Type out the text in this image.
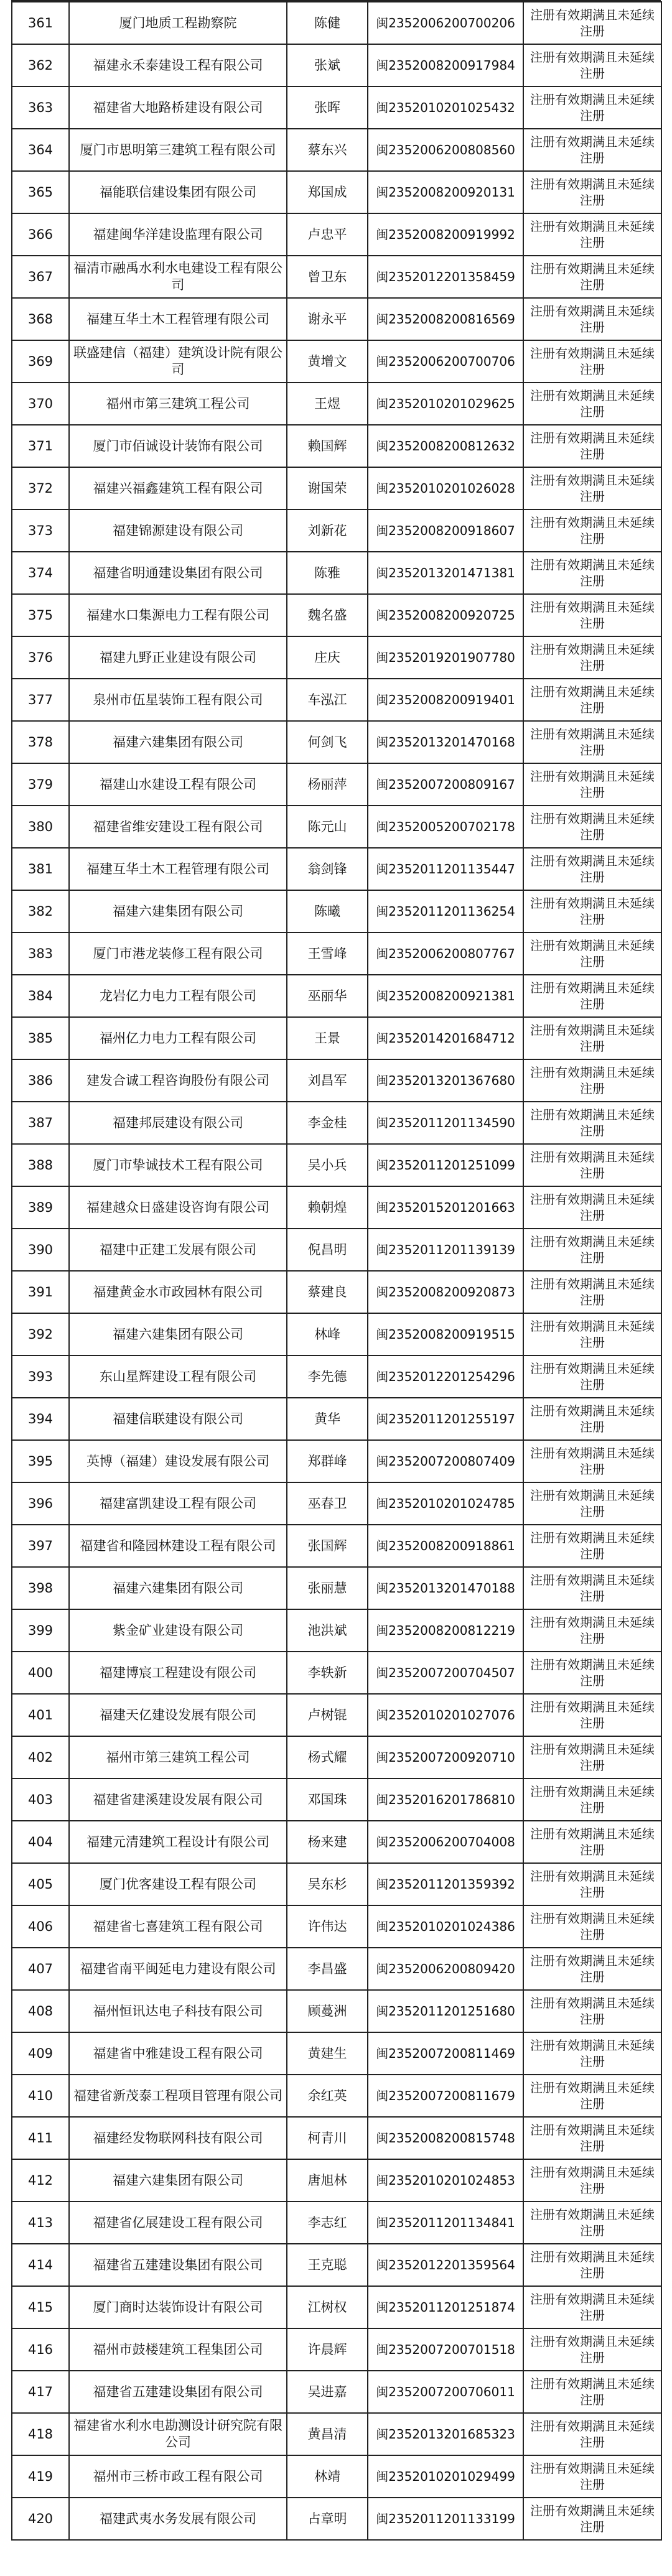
361	厦门地质工程勘察院	陈健	闽2352006200700206	注册有效期满且未延续注册
362	福建永禾泰建设工程有限公司	张斌	闽2352008200917984	注册有效期满且未延续注册
363	福建省大地路桥建设有限公司	张晖	闽2352010201025432	注册有效期满且未延续注册
364	厦门市思明第三建筑工程有限公司	蔡东兴	闽2352006200808560	注册有效期满且未延续注册
365	福能联信建设集团有限公司	郑国成	闽2352008200920131	注册有效期满且未延续注册
366	福建闽华洋建设监理有限公司	卢忠平	闽2352008200919992	注册有效期满且未延续注册
367	福清市融禹水利水电建设工程有限公司	曾卫东	闽2352012201358459	注册有效期满且未延续注册
368	福建互华土木工程管理有限公司	谢永平	闽2352008200816569	注册有效期满且未延续注册
369	联盛建信（福建）建筑设计院有限公司	黄增文	闽2352006200700706	注册有效期满且未延续注册
370	福州市第三建筑工程公司	王煜	闽2352010201029625	注册有效期满且未延续注册
371	厦门市佰诚设计装饰有限公司	赖国辉	闽2352008200812632	注册有效期满且未延续注册
372	福建兴福鑫建筑工程有限公司	谢国荣	闽2352010201026028	注册有效期满且未延续注册
373	福建锦源建设有限公司	刘新花	闽2352008200918607	注册有效期满且未延续注册
374	福建省明通建设集团有限公司	陈雅	闽2352013201471381	注册有效期满且未延续注册
375	福建水口集源电力工程有限公司	魏名盛	闽2352008200920725	注册有效期满且未延续注册
376	福建九野正业建设有限公司	庄庆	闽2352019201907780	注册有效期满且未延续注册
377	泉州市伍星装饰工程有限公司	车泓江	闽2352008200919401	注册有效期满且未延续注册
378	福建六建集团有限公司	何剑飞	闽2352013201470168	注册有效期满且未延续注册
379	福建山水建设工程有限公司	杨丽萍	闽2352007200809167	注册有效期满且未延续注册
380	福建省维安建设工程有限公司	陈元山	闽2352005200702178	注册有效期满且未延续注册
381	福建互华土木工程管理有限公司	翁剑锋	闽2352011201135447	注册有效期满且未延续注册
382	福建六建集团有限公司	陈曦	闽2352011201136254	注册有效期满且未延续注册
383	厦门市港龙装修工程有限公司	王雪峰	闽2352006200807767	注册有效期满且未延续注册
384	龙岩亿力电力工程有限公司	巫丽华	闽2352008200921381	注册有效期满且未延续注册
385	福州亿力电力工程有限公司	王景	闽2352014201684712	注册有效期满且未延续注册
386	建发合诚工程咨询股份有限公司	刘昌军	闽2352013201367680	注册有效期满且未延续注册
387	福建邦辰建设有限公司	李金桂	闽2352011201134590	注册有效期满且未延续注册
388	厦门市挚诚技术工程有限公司	吴小兵	闽2352011201251099	注册有效期满且未延续注册
389	福建越众日盛建设咨询有限公司	赖朝煌	闽2352015201201663	注册有效期满且未延续注册
390	福建中正建工发展有限公司	倪昌明	闽2352011201139139	注册有效期满且未延续注册
391	福建黄金水市政园林有限公司	蔡建良	闽2352008200920873	注册有效期满且未延续注册
392	福建六建集团有限公司	林峰	闽2352008200919515	注册有效期满且未延续注册
393	东山星辉建设工程有限公司	李先德	闽2352012201254296	注册有效期满且未延续注册
394	福建信联建设有限公司	黄华	闽2352011201255197	注册有效期满且未延续注册
395	英博（福建）建设发展有限公司	郑群峰	闽2352007200807409	注册有效期满且未延续注册
396	福建富凯建设工程有限公司	巫春卫	闽2352010201024785	注册有效期满且未延续注册
397	福建省和隆园林建设工程有限公司	张国辉	闽2352008200918861	注册有效期满且未延续注册
398	福建六建集团有限公司	张丽慧	闽2352013201470188	注册有效期满且未延续注册
399	紫金矿业建设有限公司	池洪斌	闽2352008200812219	注册有效期满且未延续注册
400	福建博宸工程建设有限公司	李轶新	闽2352007200704507	注册有效期满且未延续注册
401	福建天亿建设发展有限公司	卢树锟	闽2352010201027076	注册有效期满且未延续注册
402	福州市第三建筑工程公司	杨式耀	闽2352007200920710	注册有效期满且未延续注册
403	福建省建溪建设发展有限公司	邓国珠	闽2352016201786810	注册有效期满且未延续注册
404	福建元清建筑工程设计有限公司	杨来建	闽2352006200704008	注册有效期满且未延续注册
405	厦门优客建设工程有限公司	吴东杉	闽2352011201359392	注册有效期满且未延续注册
406	福建省七喜建筑工程有限公司	许伟达	闽2352010201024386	注册有效期满且未延续注册
407	福建省南平闽延电力建设有限公司	李昌盛	闽2352006200809420	注册有效期满且未延续注册
408	福州恒讯达电子科技有限公司	顾蔓洲	闽2352011201251680	注册有效期满且未延续注册
409	福建省中雅建设工程有限公司	黄建生	闽2352007200811469	注册有效期满且未延续注册
410	福建省新茂泰工程项目管理有限公司	余红英	闽2352007200811679	注册有效期满且未延续注册
411	福建经发物联网科技有限公司	柯青川	闽2352008200815748	注册有效期满且未延续注册
412	福建六建集团有限公司	唐旭林	闽2352010201024853	注册有效期满且未延续注册
413	福建省亿展建设工程有限公司	李志红	闽2352011201134841	注册有效期满且未延续注册
414	福建省五建建设集团有限公司	王克聪	闽2352012201359564	注册有效期满且未延续注册
415	厦门商时达装饰设计有限公司	江树权	闽2352011201251874	注册有效期满且未延续注册
416	福州市鼓楼建筑工程集团公司	许晨辉	闽2352007200701518	注册有效期满且未延续注册
417	福建省五建建设集团有限公司	吴进嘉	闽2352007200706011	注册有效期满且未延续注册
418	福建省水利水电勘测设计研究院有限公司	黄昌清	闽2352013201685323	注册有效期满且未延续注册
419	福州市三桥市政工程有限公司	林靖	闽2352010201029499	注册有效期满且未延续注册
420	福建武夷水务发展有限公司	占章明	闽2352011201133199	注册有效期满且未延续注册
